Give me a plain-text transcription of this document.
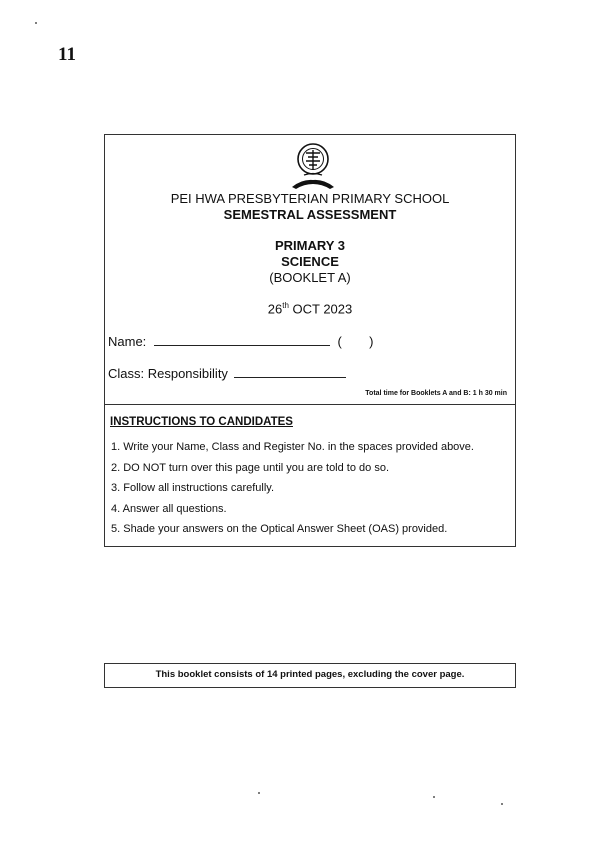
11
PEI HWA PRESBYTERIAN PRIMARY SCHOOL
SEMESTRAL ASSESSMENT
PRIMARY 3
SCIENCE
(BOOKLET A)
26th OCT 2023
Name:	( )
Class: Responsibility
Total time for Booklets A and B: 1 h 30 min
INSTRUCTIONS TO CANDIDATES
1. Write your Name, Class and Register No. in the spaces provided above.
2. DO NOT turn over this page until you are told to do so.
3. Follow all instructions carefully.
4. Answer all questions.
5. Shade your answers on the Optical Answer Sheet (OAS) provided.
This booklet consists of 14 printed pages, excluding the cover page.
